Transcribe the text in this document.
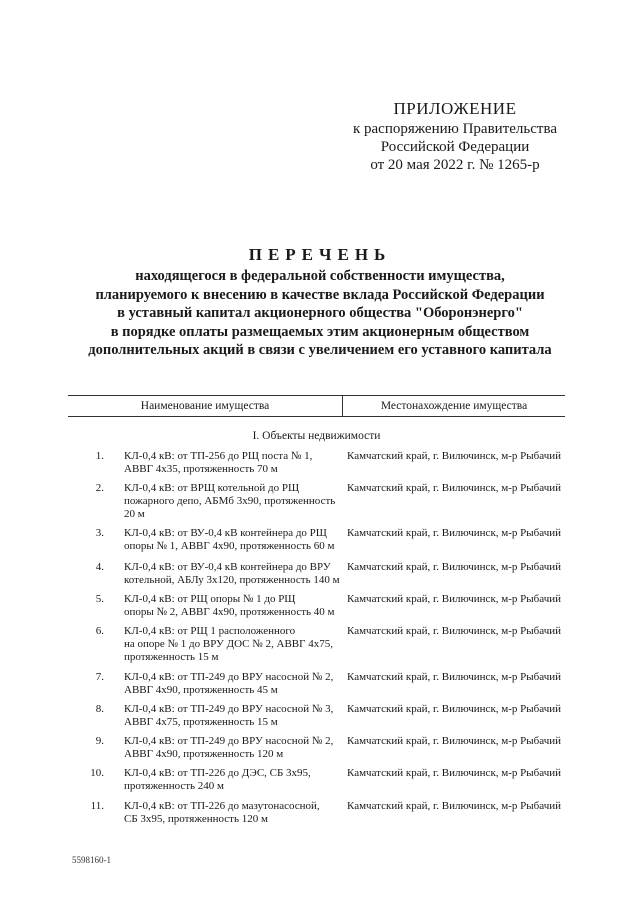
ПРИЛОЖЕНИЕ
к распоряжению Правительства
Российской Федерации
от 20 мая 2022 г. № 1265-р
ПЕРЕЧЕНЬ
находящегося в федеральной собственности имущества,
планируемого к внесению в качестве вклада Российской Федерации
в уставный капитал акционерного общества "Оборонэнерго"
в порядке оплаты размещаемых этим акционерным обществом
дополнительных акций в связи с увеличением его уставного капитала
Наименование имущества	Местонахождение имущества
I. Объекты недвижимости
1. КЛ-0,4 кВ: от ТП-256 до РЩ поста № 1,
АВВГ 4х35, протяженность 70 м
Камчатский край, г. Вилючинск, м-р Рыбачий
2. КЛ-0,4 кВ: от ВРЩ котельной до РЩ
пожарного депо, АБМб 3х90, протяженность
20 м
Камчатский край, г. Вилючинск, м-р Рыбачий
3. КЛ-0,4 кВ: от ВУ-0,4 кВ контейнера до РЩ
опоры № 1, АВВГ 4х90, протяженность 60 м
Камчатский край, г. Вилючинск, м-р Рыбачий
4. КЛ-0,4 кВ: от ВУ-0,4 кВ контейнера до ВРУ
котельной, АБЛу 3х120, протяженность 140 м
Камчатский край, г. Вилючинск, м-р Рыбачий
5. КЛ-0,4 кВ: от РЩ опоры № 1 до РЩ
опоры № 2, АВВГ 4х90, протяженность 40 м
Камчатский край, г. Вилючинск, м-р Рыбачий
6. КЛ-0,4 кВ: от РЩ 1 расположенного
на опоре № 1 до ВРУ ДОС № 2, АВВГ 4х75,
протяженность 15 м
Камчатский край, г. Вилючинск, м-р Рыбачий
7. КЛ-0,4 кВ: от ТП-249 до ВРУ насосной № 2,
АВВГ 4х90, протяженность 45 м
Камчатский край, г. Вилючинск, м-р Рыбачий
8. КЛ-0,4 кВ: от ТП-249 до ВРУ насосной № 3,
АВВГ 4х75, протяженность 15 м
Камчатский край, г. Вилючинск, м-р Рыбачий
9. КЛ-0,4 кВ: от ТП-249 до ВРУ насосной № 2,
АВВГ 4х90, протяженность 120 м
Камчатский край, г. Вилючинск, м-р Рыбачий
10. КЛ-0,4 кВ: от ТП-226 до ДЭС, СБ 3х95,
протяженность 240 м
Камчатский край, г. Вилючинск, м-р Рыбачий
11. КЛ-0,4 кВ: от ТП-226 до мазутонасосной,
СБ 3х95, протяженность 120 м
Камчатский край, г. Вилючинск, м-р Рыбачий
5598160-1
